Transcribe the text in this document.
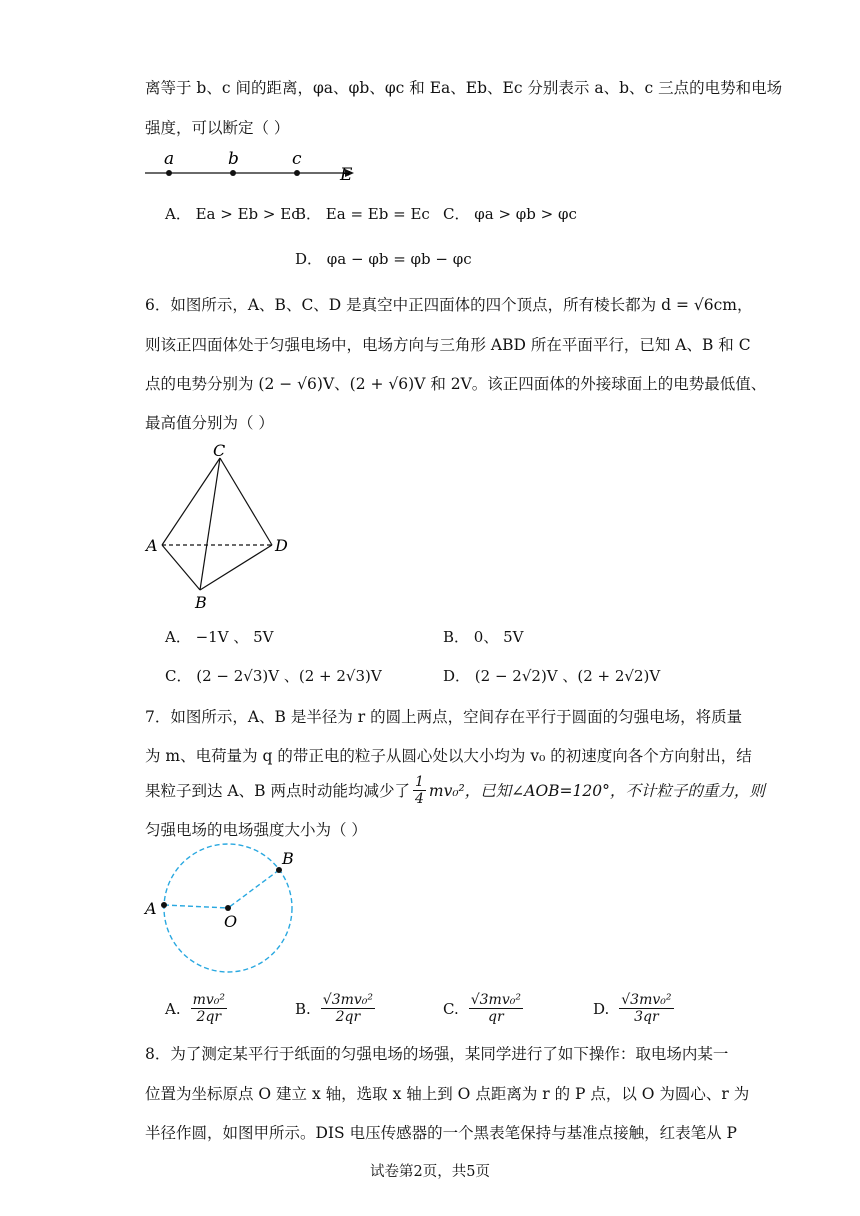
离等于 b、c 间的距离，φa、φb、φc 和 Ea、Eb、Ec 分别表示 a、b、c 三点的电势和电场
强度，可以断定（ ）
a	b	c
E
A． Ea > Eb > Ec
B． Ea = Eb = Ec C． φa > φb > φc
D． φa − φb = φb − φc
6．如图所示，A、B、C、D 是真空中正四面体的四个顶点，所有棱长都为 d = √6cm，
则该正四面体处于匀强电场中，电场方向与三角形 ABD 所在平面平行，已知 A、B 和 C
点的电势分别为 (2 − √6)V、(2 + √6)V 和 2V。该正四面体的外接球面上的电势最低值、
最高值分别为（ ）
C
A	D
B
A． −1V 、 5V	B． 0、 5V
C． (2 − 2√3)V 、(2 + 2√3)V	D． (2 − 2√2)V 、(2 + 2√2)V
7．如图所示，A、B 是半径为 r 的圆上两点，空间存在平行于圆面的匀强电场，将质量
为 m、电荷量为 q 的带正电的粒子从圆心处以大小均为 v₀ 的初速度向各个方向射出，结
果粒子到达 A、B 两点时动能均减少了 $\frac{1}{4} mv_0^2$，已知∠AOB=120°，不计粒子的重力，则
匀强电场的电场强度大小为（ ）
A
B
O
A. $\frac{\text{mv₀²}}{2qr}$	B. $\frac{\text{√3mv₀²}}{2qr}$	C. $\frac{\text{√3mv₀²}}{qr}$	D. $\frac{\text{√3mv₀²}}{3qr}$
8．为了测定某平行于纸面的匀强电场的场强，某同学进行了如下操作：取电场内某一
位置为坐标原点 O 建立 x 轴，选取 x 轴上到 O 点距离为 r 的 P 点，以 O 为圆心、r 为
半径作圆，如图甲所示。DIS 电压传感器的一个黑表笔保持与基准点接触，红表笔从 P
试卷第2页，共5页
